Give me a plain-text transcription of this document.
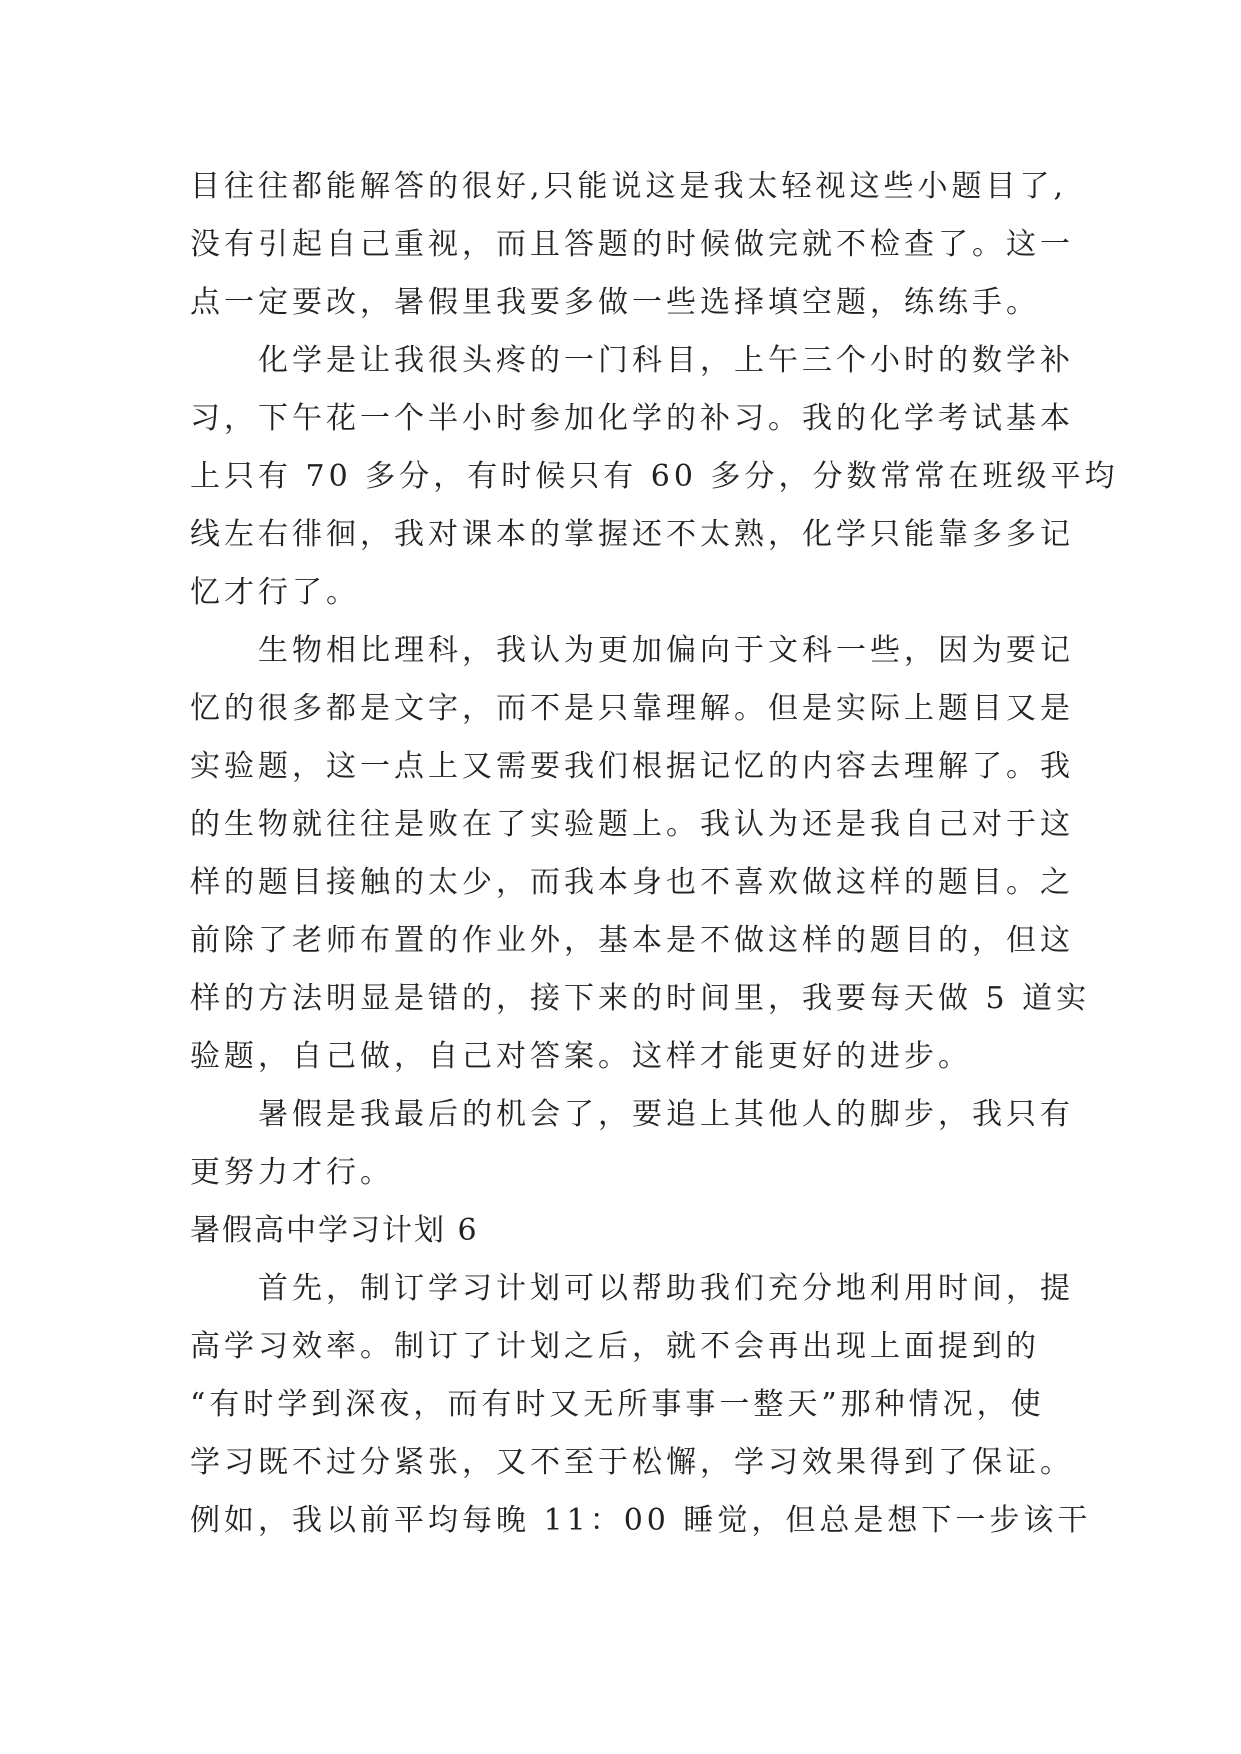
目往往都能解答的很好,只能说这是我太轻视这些小题目了,
没有引起自己重视，而且答题的时候做完就不检查了。这一
点一定要改，暑假里我要多做一些选择填空题，练练手。
化学是让我很头疼的一门科目，上午三个小时的数学补
习，下午花一个半小时参加化学的补习。我的化学考试基本
上只有 70 多分，有时候只有 60 多分，分数常常在班级平均
线左右徘徊，我对课本的掌握还不太熟，化学只能靠多多记
忆才行了。
生物相比理科，我认为更加偏向于文科一些，因为要记
忆的很多都是文字，而不是只靠理解。但是实际上题目又是
实验题，这一点上又需要我们根据记忆的内容去理解了。我
的生物就往往是败在了实验题上。我认为还是我自己对于这
样的题目接触的太少，而我本身也不喜欢做这样的题目。之
前除了老师布置的作业外，基本是不做这样的题目的，但这
样的方法明显是错的，接下来的时间里，我要每天做 5 道实
验题，自己做，自己对答案。这样才能更好的进步。
暑假是我最后的机会了，要追上其他人的脚步，我只有
更努力才行。
暑假高中学习计划 6
首先，制订学习计划可以帮助我们充分地利用时间，提
高学习效率。制订了计划之后，就不会再出现上面提到的
“有时学到深夜，而有时又无所事事一整天”那种情况，使
学习既不过分紧张，又不至于松懈，学习效果得到了保证。
例如，我以前平均每晚 11：00 睡觉，但总是想下一步该干
